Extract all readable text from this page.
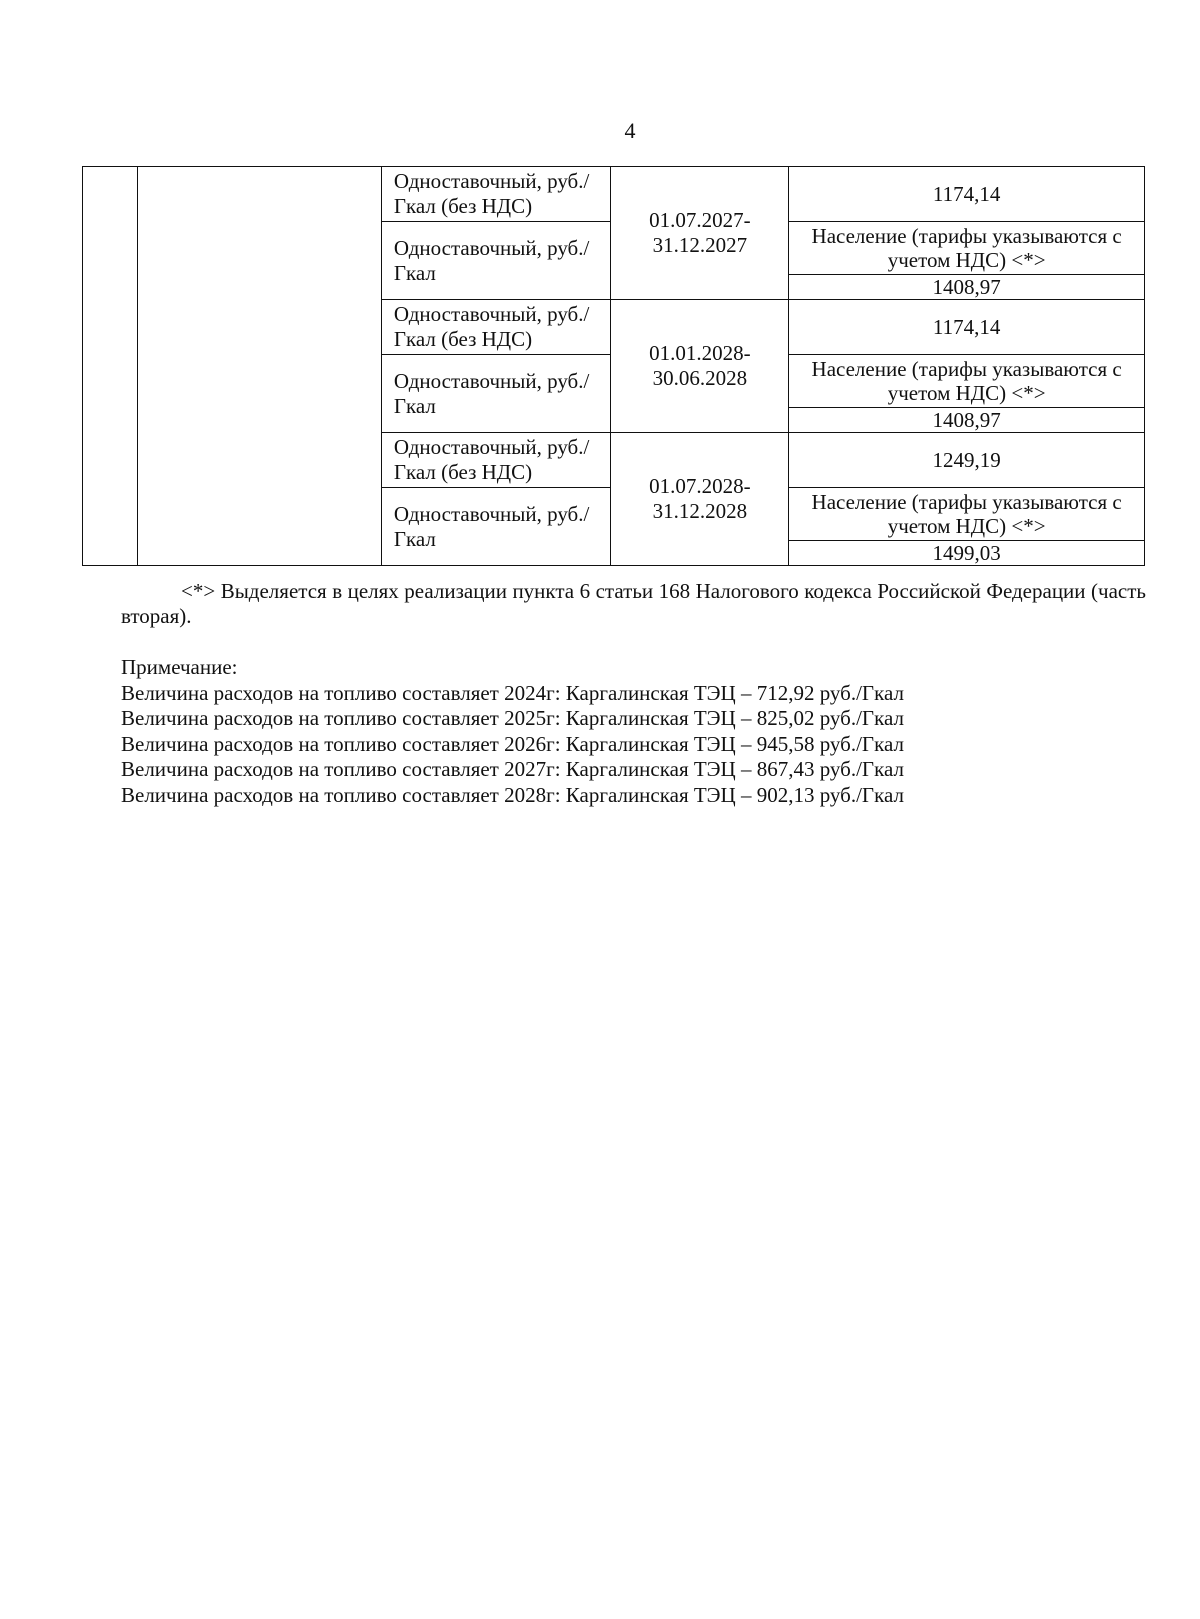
4
		Одноставочный, руб./Гкал (без НДС)	01.07.2027-31.12.2027	1174,14
		Одноставочный, руб./Гкал		Население (тарифы указываются с учетом НДС) <*>
				1408,97
		Одноставочный, руб./Гкал (без НДС)	01.01.2028-30.06.2028	1174,14
		Одноставочный, руб./Гкал		Население (тарифы указываются с учетом НДС) <*>
				1408,97
		Одноставочный, руб./Гкал (без НДС)	01.07.2028-31.12.2028	1249,19
		Одноставочный, руб./Гкал		Население (тарифы указываются с учетом НДС) <*>
				1499,03
<*> Выделяется в целях реализации пункта 6 статьи 168 Налогового кодекса Российской Федерации (часть вторая).
Примечание:
Величина расходов на топливо составляет 2024г: Каргалинская ТЭЦ – 712,92 руб./Гкал
Величина расходов на топливо составляет 2025г: Каргалинская ТЭЦ – 825,02 руб./Гкал
Величина расходов на топливо составляет 2026г: Каргалинская ТЭЦ – 945,58 руб./Гкал
Величина расходов на топливо составляет 2027г: Каргалинская ТЭЦ – 867,43 руб./Гкал
Величина расходов на топливо составляет 2028г: Каргалинская ТЭЦ – 902,13 руб./Гкал
